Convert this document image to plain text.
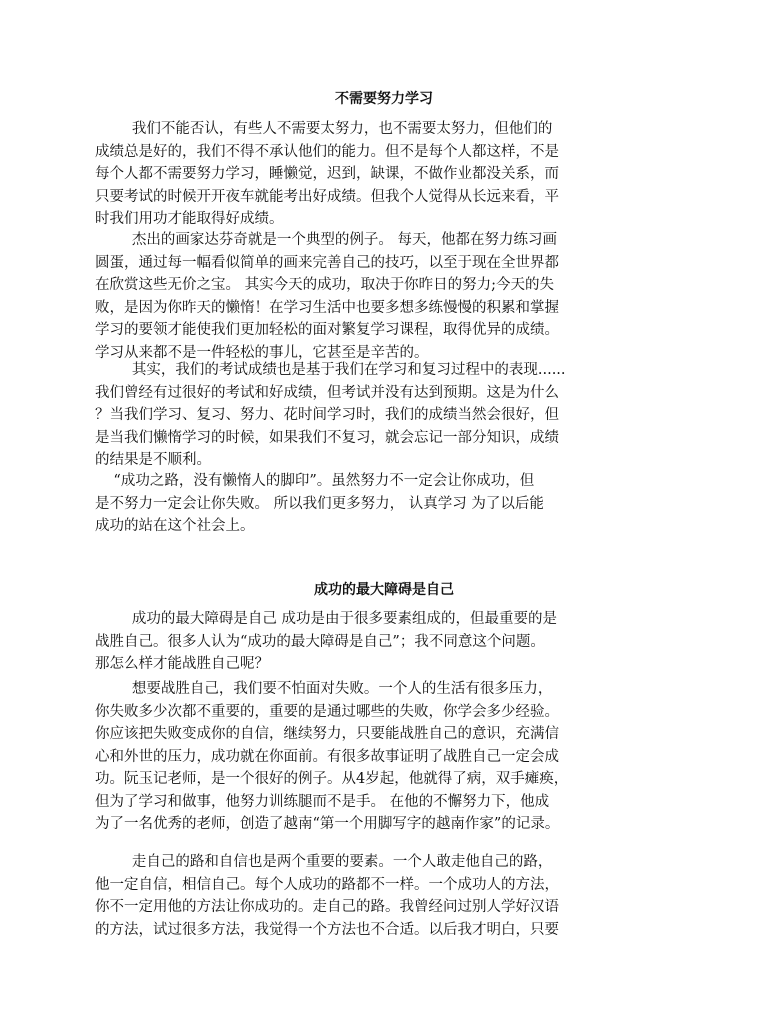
不需要努力学习

我们不能否认，有些人不需要太努力，也不需要太努力，但他们的
成绩总是好的，我们不得不承认他们的能力。但不是每个人都这样，不是
每个人都不需要努力学习，睡懒觉，迟到，缺课，不做作业都没关系，而
只要考试的时候开开夜车就能考出好成绩。但我个人觉得从长远来看，平
时我们用功才能取得好成绩。

杰出的画家达芬奇就是一个典型的例子。 每天，他都在努力练习画
圆蛋，通过每一幅看似简单的画来完善自己的技巧，以至于现在全世界都
在欣赏这些无价之宝。 其实今天的成功，取决于你昨日的努力;今天的失
败，是因为你昨天的懒惰！在学习生活中也要多想多练慢慢的积累和掌握
学习的要领才能使我们更加轻松的面对繁复学习课程，取得优异的成绩。
学习从来都不是一件轻松的事儿，它甚至是辛苦的。

其实，我们的考试成绩也是基于我们在学习和复习过程中的表现......
我们曾经有过很好的考试和好成绩，但考试并没有达到预期。这是为什么
？当我们学习、复习、努力、花时间学习时，我们的成绩当然会很好，但
是当我们懒惰学习的时候，如果我们不复习，就会忘记一部分知识，成绩
的结果是不顺利。

“成功之路，没有懒惰人的脚印”。虽然努力不一定会让你成功，但
是不努力一定会让你失败。 所以我们更多努力， 认真学习 为了以后能
成功的站在这个社会上。

成功的最大障碍是自己

成功的最大障碍是自己 成功是由于很多要素组成的，但最重要的是
战胜自己。很多人认为“成功的最大障碍是自己”；我不同意这个问题。
那怎么样才能战胜自己呢？

想要战胜自己，我们要不怕面对失败。一个人的生活有很多压力，
你失败多少次都不重要的，重要的是通过哪些的失败，你学会多少经验。
你应该把失败变成你的自信，继续努力，只要能战胜自己的意识，充满信
心和外世的压力，成功就在你面前。有很多故事证明了战胜自己一定会成
功。阮玉记老师，是一个很好的例子。从4岁起，他就得了病，双手瘫痪，
但为了学习和做事，他努力训练腿而不是手。 在他的不懈努力下，他成
为了一名优秀的老师，创造了越南“第一个用脚写字的越南作家”的记录。

走自己的路和自信也是两个重要的要素。一个人敢走他自己的路，
他一定自信，相信自己。每个人成功的路都不一样。一个成功人的方法，
你不一定用他的方法让你成功的。走自己的路。我曾经问过别人学好汉语
的方法，试过很多方法，我觉得一个方法也不合适。以后我才明白，只要
